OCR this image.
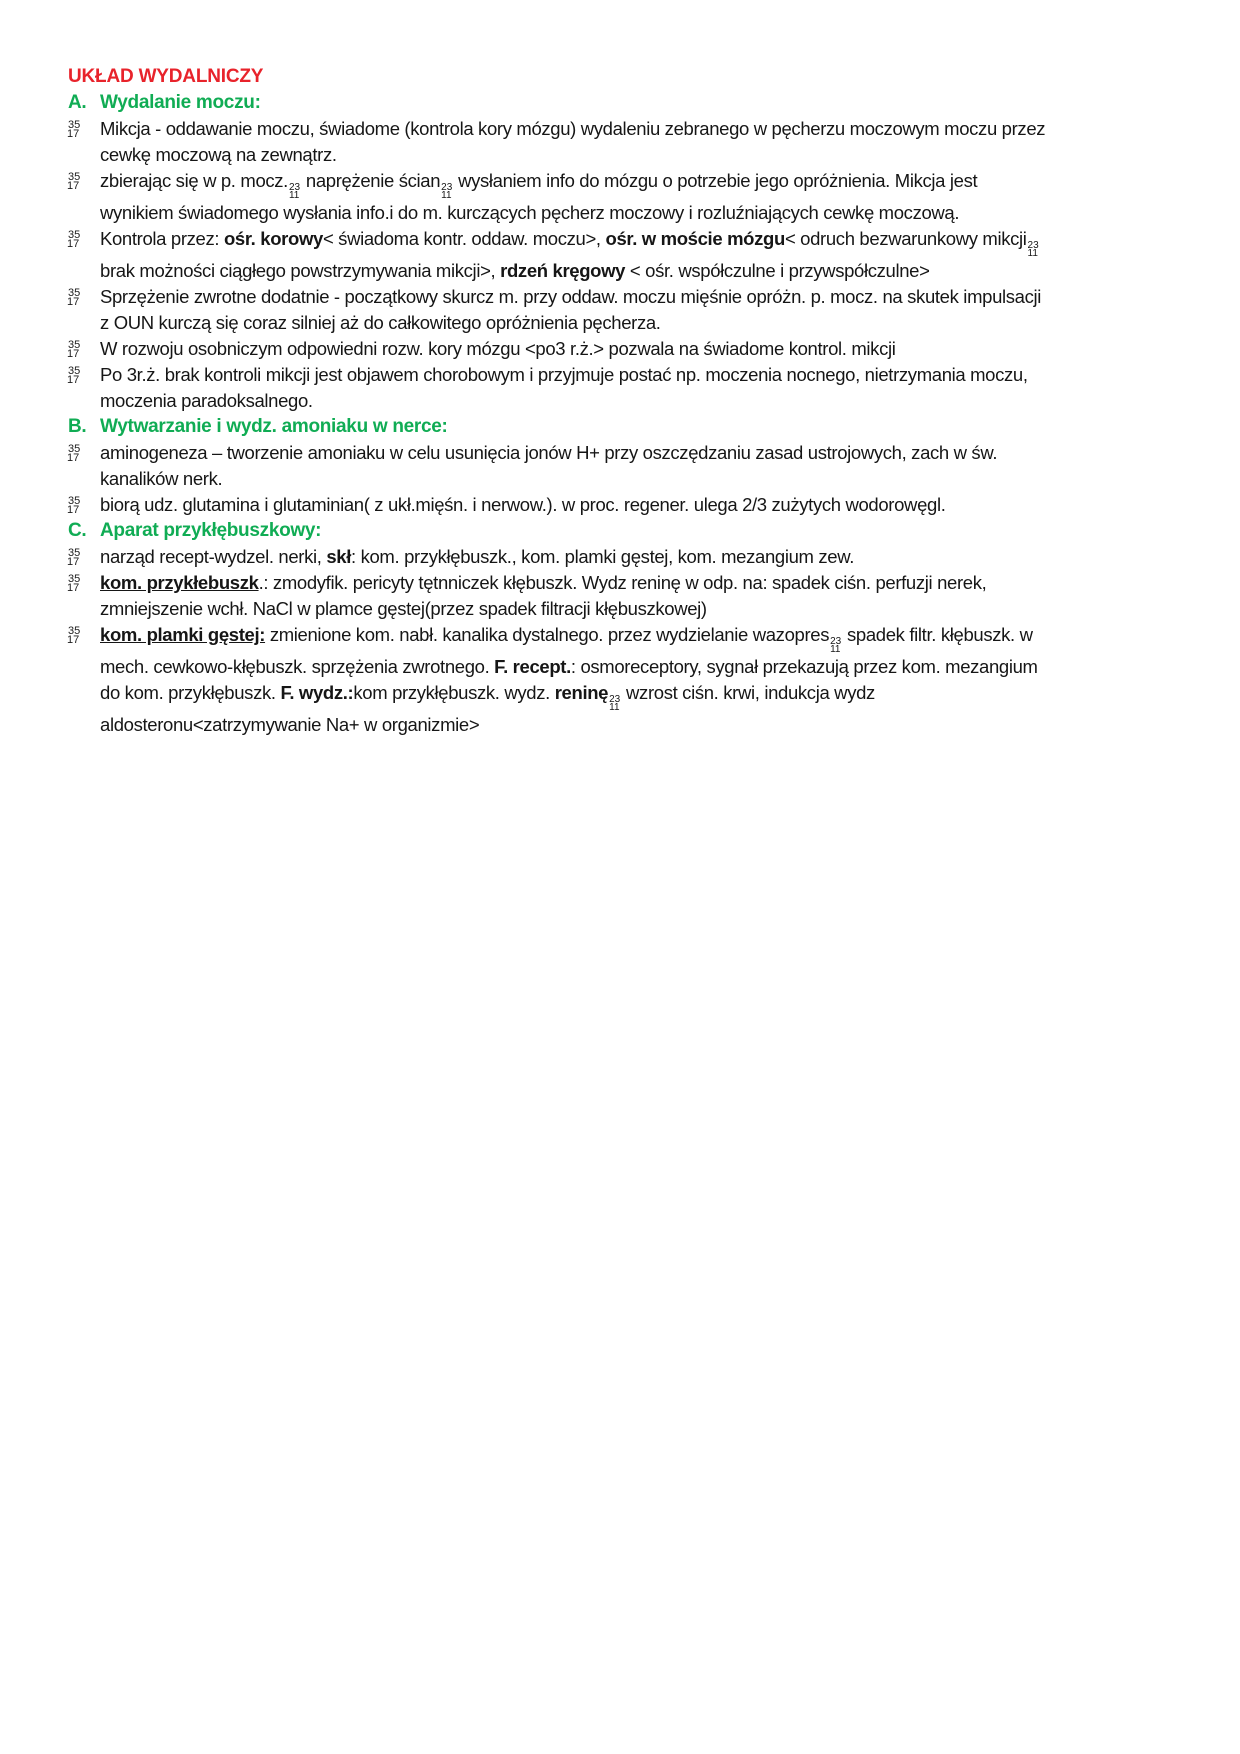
UKŁAD WYDALNICZY
A. Wydalanie moczu:
35
17	Mikcja - oddawanie moczu, świadome (kontrola kory mózgu) wydaleniu zebranego w pęcherzu moczowym moczu przez cewkę moczową na zewnątrz.
35
17	zbierając się w p. mocz. 23
11
naprężenie ścian 23
11
wysłaniem info do mózgu o potrzebie jego opróżnienia. Mikcja jest wynikiem świadomego wysłania info.i do m. kurczących pęcherz moczowy i rozluźniających cewkę moczową.
35
17	Kontrola przez: ośr. korowy< świadoma kontr. oddaw. moczu>, ośr. w moście mózgu< odruch bezwarunkowy mikcji 23
11
brak możności ciągłego powstrzymywania mikcji>, rdzeń kręgowy < ośr. współczulne i przywspółczulne>
35
17	Sprzężenie zwrotne dodatnie - początkowy skurcz m. przy oddaw. moczu mięśnie opróżn. p. mocz. na skutek impulsacji z OUN kurczą się coraz silniej aż do całkowitego opróżnienia pęcherza.
35
17	W rozwoju osobniczym odpowiedni rozw. kory mózgu <po3 r.ż.> pozwala na świadome kontrol. mikcji
35
17	Po 3r.ż. brak kontroli mikcji jest objawem chorobowym i przyjmuje postać np. moczenia nocnego, nietrzymania moczu, moczenia paradoksalnego.
B. Wytwarzanie i wydz. amoniaku w nerce:
35
17	aminogeneza – tworzenie amoniaku w celu usunięcia jonów H+ przy oszczędzaniu zasad ustrojowych, zach w św. kanalików nerk.
35
17	biorą udz. glutamina i glutaminian( z ukł.mięśn. i nerwow.). w proc. regener. ulega 2/3 zużytych wodorowęgl.
C. Aparat przykłębuszkowy:
35
17	narząd recept-wydzel. nerki, skł: kom. przykłębuszk., kom. plamki gęstej, kom. mezangium zew.
35
17	kom. przykłebuszk.: zmodyfik. pericyty tętnniczek kłębuszk. Wydz reninę w odp. na: spadek ciśn. perfuzji nerek, zmniejszenie wchł. NaCl w plamce gęstej(przez spadek filtracji kłębuszkowej)
35
17	kom. plamki gęstej: zmienione kom. nabł. kanalika dystalnego. przez wydzielanie wazopres 23
11
spadek filtr. kłębuszk. w mech. cewkowo-kłębuszk. sprzężenia zwrotnego. F. recept.: osmoreceptory, sygnał przekazują przez kom. mezangium do kom. przykłębuszk. F. wydz.:kom przykłębuszk. wydz. reninę 23
11
wzrost ciśn. krwi, indukcja wydz aldosteronu<zatrzymywanie Na+ w organizmie>
